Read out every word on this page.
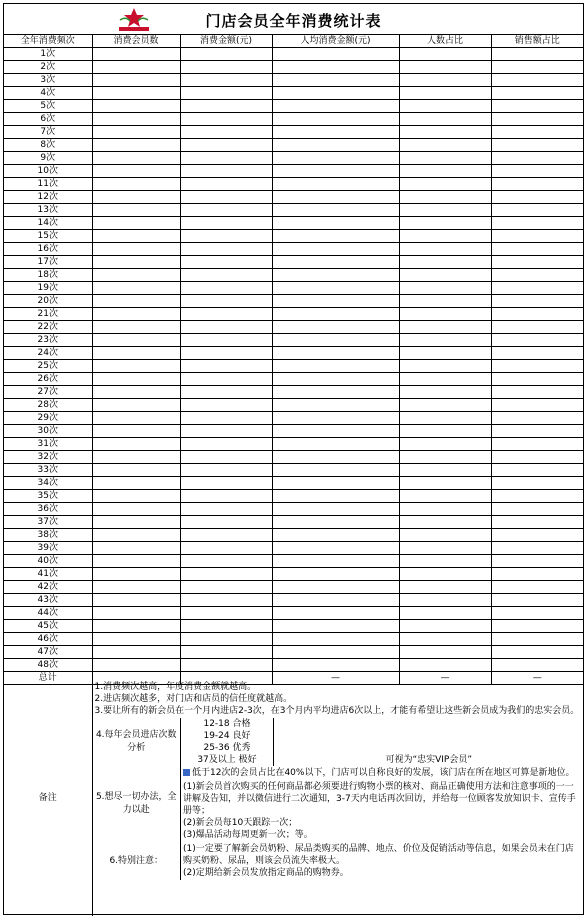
门店会员全年消费统计表
全年消费频次	消费会员数	消费金额(元)	人均消费金额(元)	人数占比	销售额占比
1次					
2次					
3次					
4次					
5次					
6次					
7次					
8次					
9次					
10次					
11次					
12次					
13次					
14次					
15次					
16次					
17次					
18次					
19次					
20次					
21次					
22次					
23次					
24次					
25次					
26次					
27次					
28次					
29次					
30次					
31次					
32次					
33次					
34次					
35次					
36次					
37次					
38次					
39次					
40次					
41次					
42次					
43次					
44次					
45次					
46次					
47次					
48次					
总计			—	—	—
备注	
1.消费频次越高，年度消费金额就越高。
2.进店频次越多，对门店和店员的信任度就越高。
3.要让所有的新会员在一个月内进店2-3次，在3个月内平均进店6次以上，才能有希望让这些新会员成为我们的忠实会员。
4.每年会员进店次数分析	12-18 合格	
19-24 良好	
25-36 优秀	
37及以上 极好	可视为“忠实VIP会员”
5.想尽一切办法，全力以赴	低于12次的会员占比在40%以下，门店可以自称良好的发展，该门店在所在地区可算是新地位。

(1)新会员首次购买的任何商品都必须要进行购物小票的核对、商品正确使用方法和注意事项的一一讲解及告知，并以微信进行二次通知，3-7天内电话再次回访，并给每一位顾客发放知识卡、宣传手册等；
(2)新会员每10天跟踪一次；
(3)爆品活动每周更新一次；等。

6.特别注意：	
(1)一定要了解新会员奶粉、尿品类购买的品牌、地点、价位及促销活动等信息，如果会员未在门店购买奶粉、尿品，则该会员流失率极大。
(2)定期给新会员发放指定商品的购物券。
